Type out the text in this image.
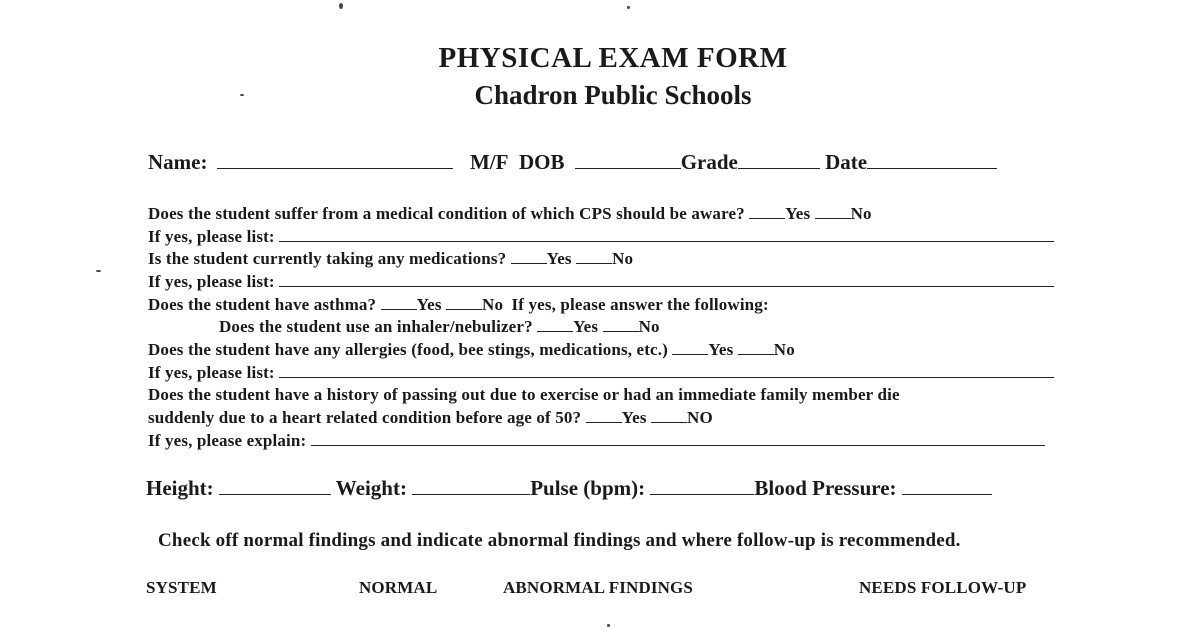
PHYSICAL EXAM FORM
Chadron Public Schools
Name:	M/F DOB	Grade	Date
Does the student suffer from a medical condition of which CPS should be aware? Yes No
If yes, please list:
Is the student currently taking any medications? Yes No
If yes, please list:
Does the student have asthma? Yes No If yes, please answer the following:
Does the student use an inhaler/nebulizer? Yes No
Does the student have any allergies (food, bee stings, medications, etc.) Yes No
If yes, please list:
Does the student have a history of passing out due to exercise or had an immediate family member die
suddenly due to a heart related condition before age of 50? Yes NO
If yes, please explain:
Height:	Weight:	Pulse (bpm):	Blood Pressure:
Check off normal findings and indicate abnormal findings and where follow-up is recommended.
SYSTEM	NORMAL	ABNORMAL FINDINGS	NEEDS FOLLOW-UP
